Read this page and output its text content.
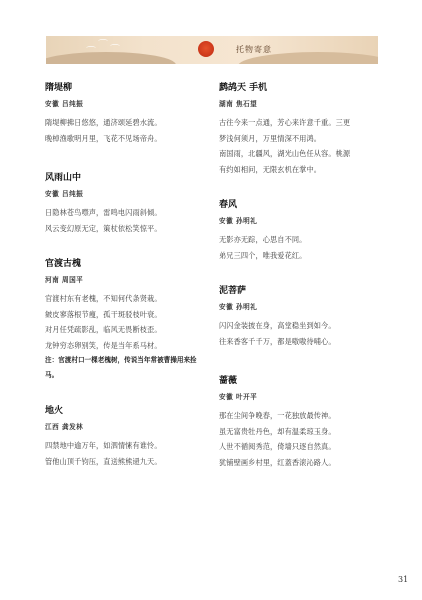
⌒ ⌒
⌒	托物寄意
隋堤柳
安徽 吕纯振
隋堤柳拂日悠悠，通济颂延碧水流。
晚棹渔歌明月里，飞花不见场帝舟。
风雨山中
安徽 吕纯振
日隐林苍鸟噤声，雷鸣电闪雨斜倾。
风云变幻原无定，策杖依松笑惊平。
官渡古槐
河南 周国平
官渡村东有老槐，不知何代条贤栽。
皴皮寥落根节瘦，孤干斑驳枝叶衰。
对月任凭疏影乱，临风无畏断枝歪。
龙钟穷态卵别笑，传是当年系马材。
注：官渡村口一棵老槐树，传说当年常被曹操用来拴马。
地火
江西 龚发林
四禁地中逾万年，如泗情愫有谁怜。
管他山顶千钧压，直送熊熊䢜九天。
鹧鸪天 手机
湖南 焦石望
古往今来一点通，芳心来许意千重。三更
梦浅何须月，万里情深不用鸿。
南国雨，北疆风，湖光山色任从容。桃源
有约如相问，无限玄机在掌中。
春风
安徽 孙明礼
无影亦无踪，心思自不同。
弟兄三四个，唯我爱花红。
泥菩萨
安徽 孙明礼
闪闪金装披在身，高堂稳坐到如今。
往来香客千千万，都是嗷嗷待哺心。
蔷薇
安徽 叶开平
那在尘间争晚春，一花独放最传神。
虽无富贵牡丹色，却有温柔琼玉身。
人世不循阅秀范，倚墙只逐自然真。
犹铺壁画乡村里，红蓋香滚沁路人。
31
